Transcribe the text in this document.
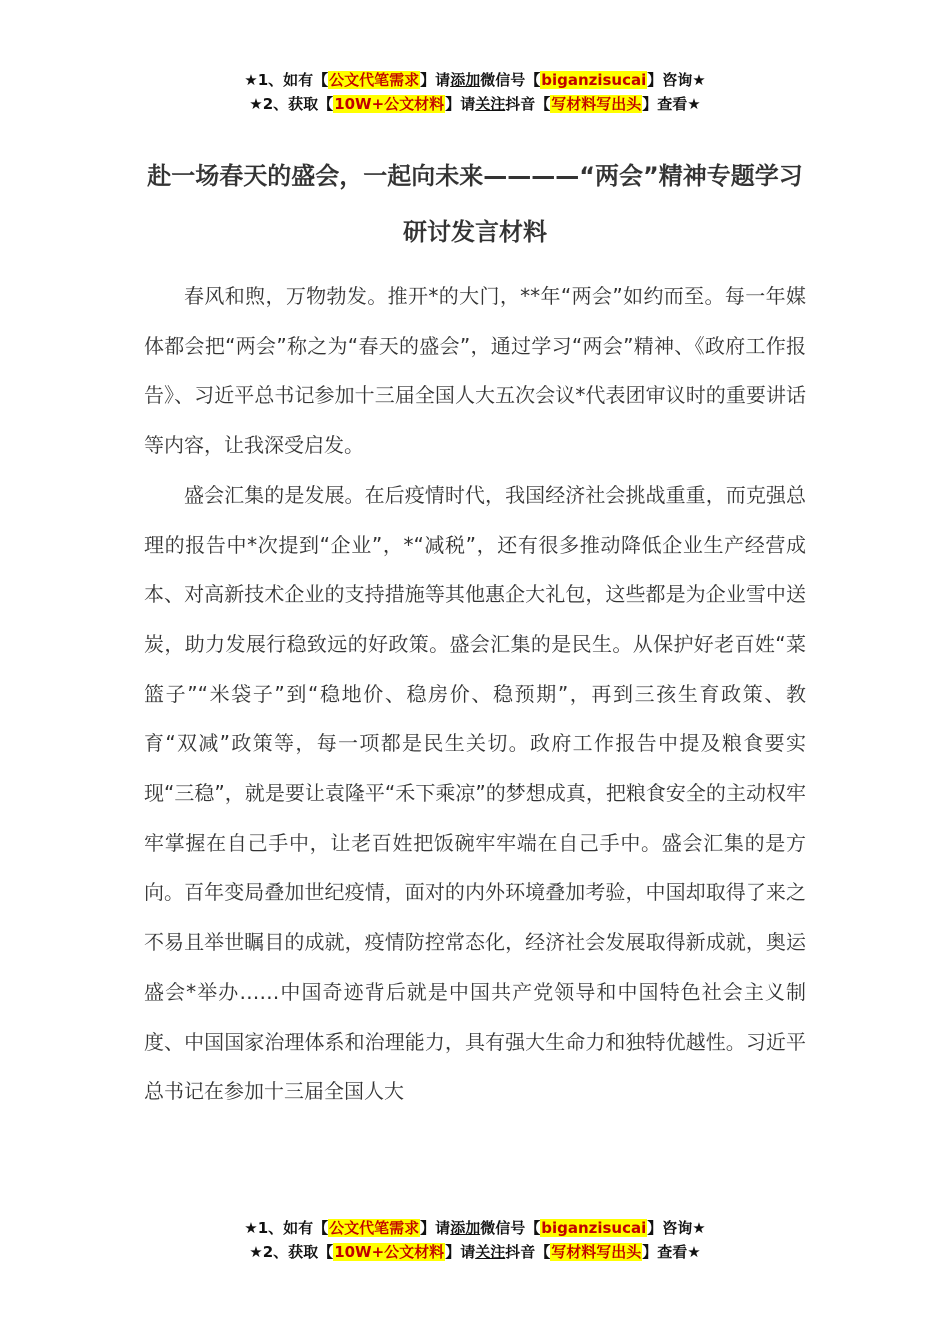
★1、如有【公文代笔需求】请添加微信号【biganzisucai】咨询★
★2、获取【10W+公文材料】请关注抖音【写材料写出头】查看★
赴一场春天的盛会，一起向未来————“两会”精神专题学习研讨发言材料

春风和煦，万物勃发。推开*的大门，**年“两会”如约而至。每一年媒体都会把“两会”称之为“春天的盛会”，通过学习“两会”精神、《政府工作报告》、习近平总书记参加十三届全国人大五次会议*代表团审议时的重要讲话等内容，让我深受启发。

盛会汇集的是发展。在后疫情时代，我国经济社会挑战重重，而克强总理的报告中*次提到“企业”，*“减税”，还有很多推动降低企业生产经营成本、对高新技术企业的支持措施等其他惠企大礼包，这些都是为企业雪中送炭，助力发展行稳致远的好政策。盛会汇集的是民生。从保护好老百姓“菜篮子”“米袋子”到“稳地价、稳房价、稳预期”，再到三孩生育政策、教育“双减”政策等，每一项都是民生关切。政府工作报告中提及粮食要实现“三稳”，就是要让袁隆平“禾下乘凉”的梦想成真，把粮食安全的主动权牢牢掌握在自己手中，让老百姓把饭碗牢牢端在自己手中。盛会汇集的是方向。百年变局叠加世纪疫情，面对的内外环境叠加考验，中国却取得了来之不易且举世瞩目的成就，疫情防控常态化，经济社会发展取得新成就，奥运盛会*举办……中国奇迹背后就是中国共产党领导和中国特色社会主义制度、中国国家治理体系和治理能力，具有强大生命力和独特优越性。习近平总书记在参加十三届全国人大

★1、如有【公文代笔需求】请添加微信号【biganzisucai】咨询★
★2、获取【10W+公文材料】请关注抖音【写材料写出头】查看★
